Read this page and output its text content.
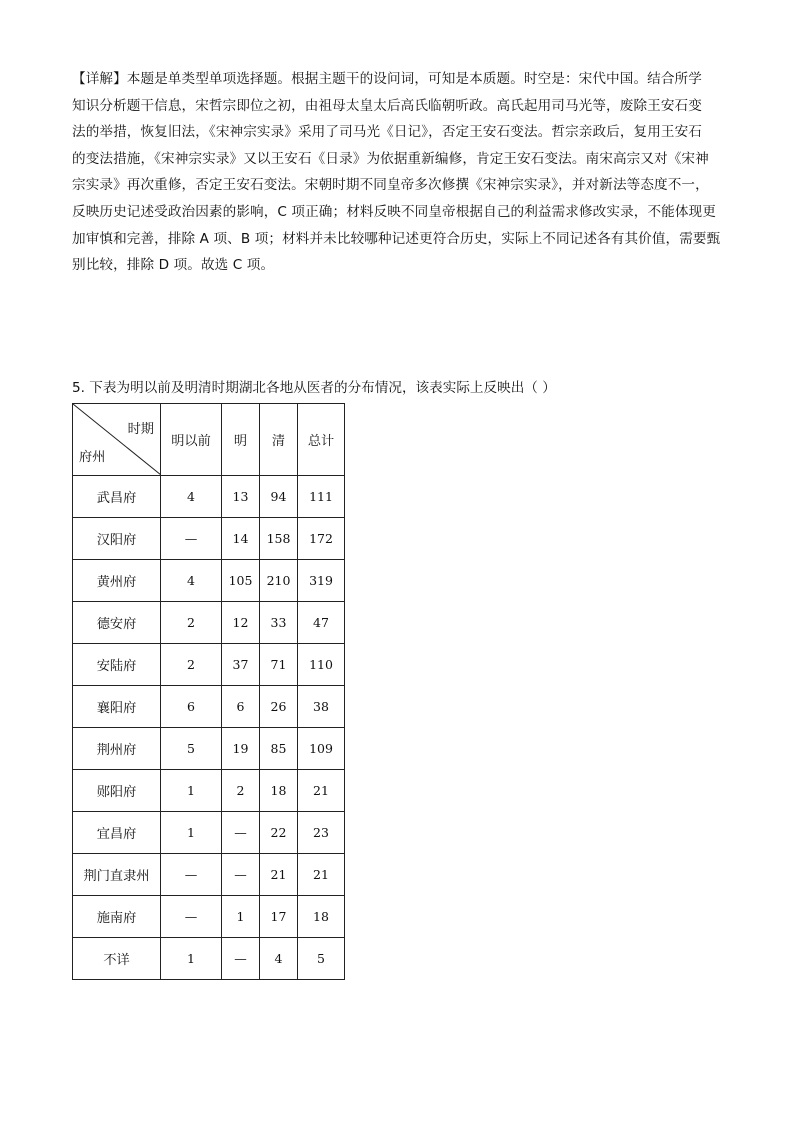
【详解】本题是单类型单项选择题。根据主题干的设问词，可知是本质题。时空是：宋代中国。结合所学

知识分析题干信息，宋哲宗即位之初，由祖母太皇太后高氏临朝听政。高氏起用司马光等，废除王安石变

法的举措，恢复旧法，《宋神宗实录》采用了司马光《日记》，否定王安石变法。哲宗亲政后，复用王安石

的变法措施，《宋神宗实录》又以王安石《日录》为依据重新编修，肯定王安石变法。南宋高宗又对《宋神

宗实录》再次重修，否定王安石变法。宋朝时期不同皇帝多次修撰《宋神宗实录》，并对新法等态度不一，

反映历史记述受政治因素的影响，C 项正确；材料反映不同皇帝根据自己的利益需求修改实录，不能体现更

加审慎和完善，排除 A 项、B 项；材料并未比较哪种记述更符合历史，实际上不同记述各有其价值，需要甄

别比较，排除 D 项。故选 C 项。

5. 下表为明以前及明清时期湖北各地从医者的分布情况，该表实际上反映出（ ）
时期
府州	明以前	明	清	总计
武昌府	4	13	94	111
汉阳府	—	14	158	172
黄州府	4	105	210	319
德安府	2	12	33	47
安陆府	2	37	71	110
襄阳府	6	6	26	38
荆州府	5	19	85	109
郧阳府	1	2	18	21
宜昌府	1	—	22	23
荆门直隶州	—	—	21	21
施南府	—	1	17	18
不详	1	—	4	5
